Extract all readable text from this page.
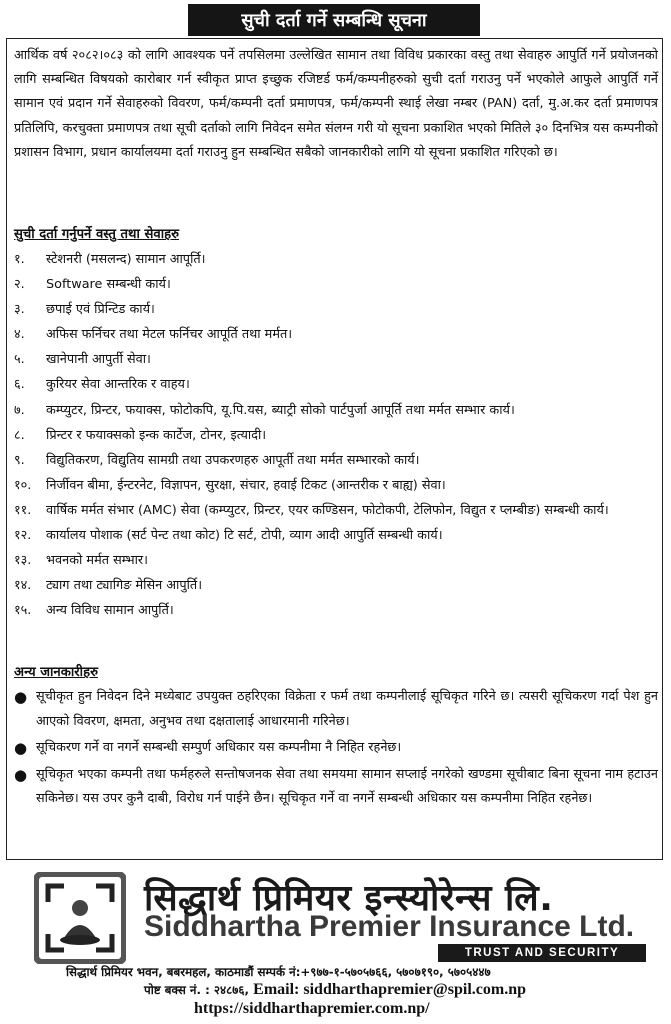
सुची दर्ता गर्ने सम्बन्धि सूचना
आर्थिक वर्ष २०८२।०८३ को लागि आवश्यक पर्ने तपसिलमा उल्लेखित सामान तथा विविध प्रकारका वस्तु तथा सेवाहरु आपुर्ति गर्ने प्रयोजनको लागि सम्बन्धित विषयको कारोबार गर्न स्वीकृत प्राप्त इच्छुक रजिष्टर्ड फर्म/कम्पनीहरुको सुची दर्ता गराउनु पर्ने भएकोले आफुले आपुर्ति गर्ने सामान एवं प्रदान गर्ने सेवाहरुको विवरण, फर्म/कम्पनी दर्ता प्रमाणपत्र, फर्म/कम्पनी स्थाई लेखा नम्बर (PAN) दर्ता, मु.अ.कर दर्ता प्रमाणपत्र प्रतिलिपि, करचुक्ता प्रमाणपत्र तथा सूची दर्ताको लागि निवेदन समेत संलग्न गरी यो सूचना प्रकाशित भएको मितिले ३० दिनभित्र यस कम्पनीको प्रशासन विभाग, प्रधान कार्यालयमा दर्ता गराउनु हुन सम्बन्धित सबैको जानकारीको लागि यो सूचना प्रकाशित गरिएको छ।
सुची दर्ता गर्नुपर्ने वस्तु तथा सेवाहरु
१.	स्टेशनरी (मसलन्द) सामान आपूर्ति।
२.	Software सम्बन्धी कार्य।
३.	छपाई एवं प्रिन्टिड कार्य।
४.	अफिस फर्निचर तथा मेटल फर्निचर आपूर्ति तथा मर्मत।
५.	खानेपानी आपुर्ती सेवा।
६.	कुरियर सेवा आन्तरिक र वाहय।
७.	कम्प्युटर, प्रिन्टर, फयाक्स, फोटोकपि, यू.पि.यस, ब्याट्री सोको पार्टपुर्जा आपूर्ति तथा मर्मत सम्भार कार्य।
८.	प्रिन्टर र फयाक्सको इन्क कार्टेज, टोनर, इत्यादी।
९.	विद्युतिकरण, विद्युतिय सामग्री तथा उपकरणहरु आपूर्ती तथा मर्मत सम्भारको कार्य।
१०.	निर्जीवन बीमा, ईन्टरनेट, विज्ञापन, सुरक्षा, संचार, हवाई टिकट (आन्तरीक र बाह्य) सेवा।
११.	वार्षिक मर्मत संभार (AMC) सेवा (कम्प्युटर, प्रिन्टर, एयर कण्डिसन, फोटोकपी, टेलिफोन, विद्युत र प्लम्बीङ) सम्बन्धी कार्य।
१२.	कार्यालय पोशाक (सर्ट पेन्ट तथा कोट) टि सर्ट, टोपी, व्याग आदी आपुर्ति सम्बन्धी कार्य।
१३.	भवनको मर्मत सम्भार।
१४.	ट्याग तथा ट्यागिङ मेसिन आपुर्ति।
१५.	अन्य विविध सामान आपुर्ति।
अन्य जानकारीहरु
● सूचीकृत हुन निवेदन दिने मध्येबाट उपयुक्त ठहरिएका विक्रेता र फर्म तथा कम्पनीलाई सूचिकृत गरिने छ। त्यसरी सूचिकरण गर्दा पेश हुन आएको विवरण, क्षमता, अनुभव तथा दक्षतालाई आधारमानी गरिनेछ।
● सूचिकरण गर्ने वा नगर्ने सम्बन्धी सम्पुर्ण अधिकार यस कम्पनीमा नै निहित रहनेछ।
● सूचिकृत भएका कम्पनी तथा फर्महरुले सन्तोषजनक सेवा तथा समयमा सामान सप्लाई नगरेको खण्डमा सूचीबाट बिना सूचना नाम हटाउन सकिनेछ। यस उपर कुनै दाबी, विरोध गर्न पाईने छैन। सूचिकृत गर्ने वा नगर्ने सम्बन्धी अधिकार यस कम्पनीमा निहित रहनेछ।
सिद्धार्थ प्रिमियर इन्स्योरेन्स लि.
Siddhartha Premier Insurance Ltd.
TRUST AND SECURITY
सिद्धार्थ प्रिमियर भवन, बबरमहल, काठमाडौं सम्पर्क नं:+९७७-१-५७०५७६६, ५७०७१९०, ५७०५४४७
पोष्ट बक्स नं. : २४८७६, Email: siddharthapremier@spil.com.np
https://siddharthapremier.com.np/
